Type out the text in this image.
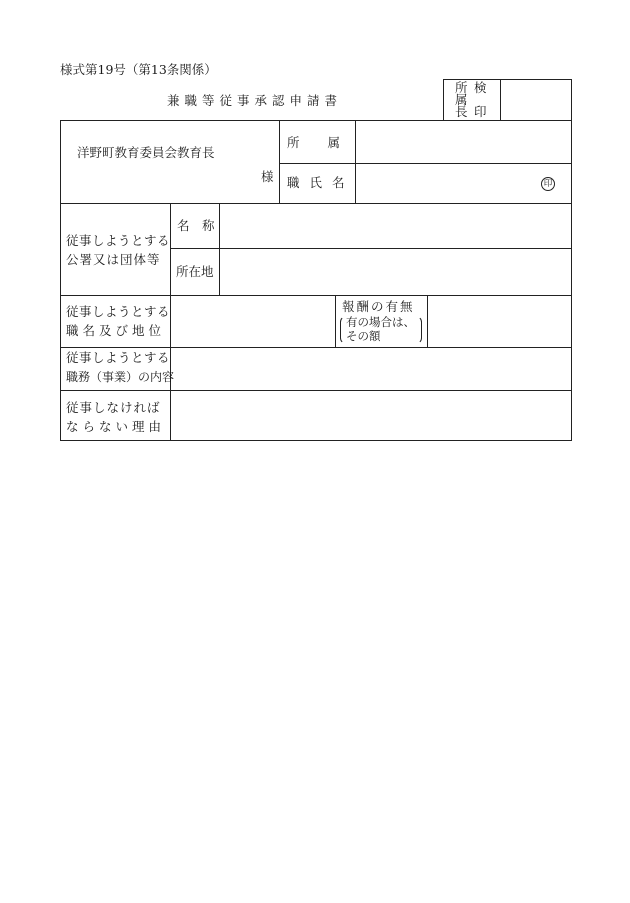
様式第19号（第13条関係）
兼職等従事承認申請書
所
属
長
検
印
洋野町教育委員会教育長
様
所　　属
職 氏 名	印
従事しようとする
公署又は団体等
名　称
所在地
従事しようとする
職名及び地位
報酬の有無
有の場合は、
その額
従事しようとする
職務（事業）の内容
従事しなければ
ならない理由
